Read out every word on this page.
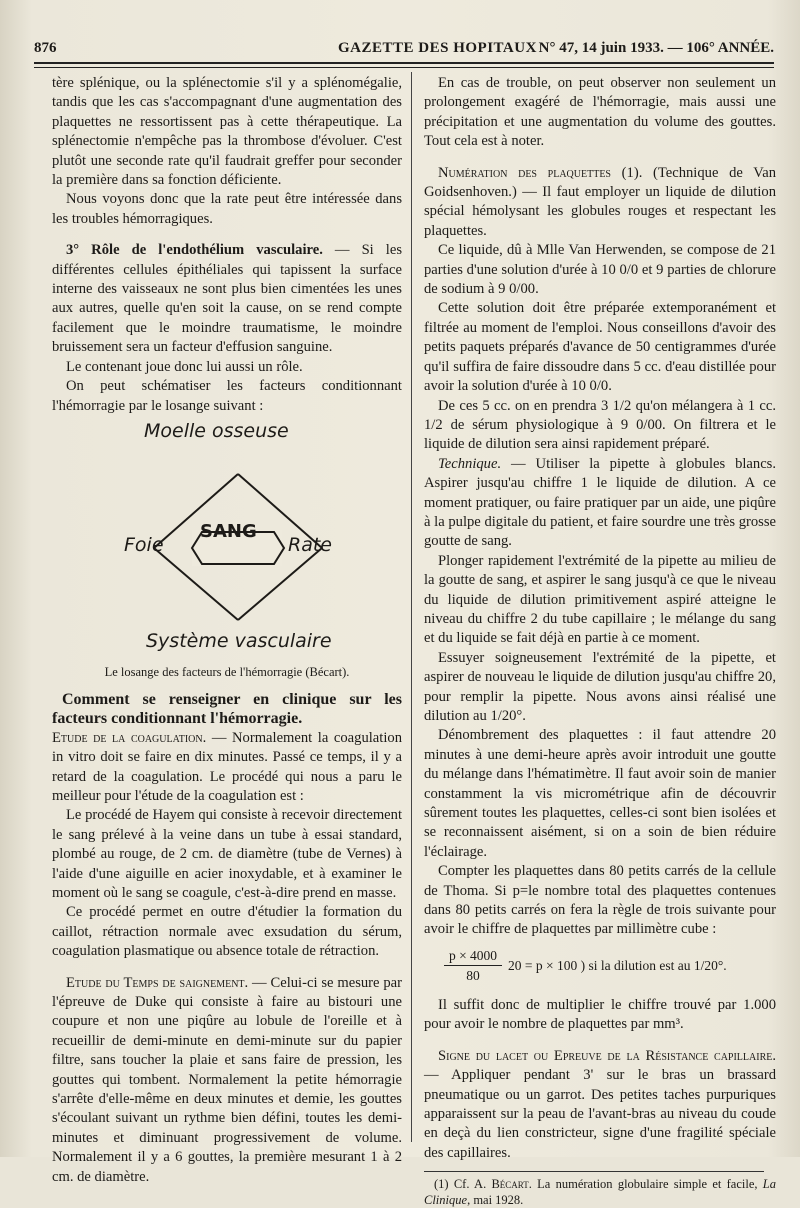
876	GAZETTE DES HOPITAUX N° 47, 14 juin 1933. — 106° ANNÉE.

tère splénique, ou la splénectomie s'il y a splénomégalie, tandis que les cas s'accompagnant d'une augmentation des plaquettes ne ressortissent pas à cette thérapeutique. La splénectomie n'empêche pas la thrombose d'évoluer. C'est plutôt une seconde rate qu'il faudrait greffer pour seconder la première dans sa fonction déficiente.

Nous voyons donc que la rate peut être intéressée dans les troubles hémorragiques.

3° Rôle de l'endothélium vasculaire. — Si les différentes cellules épithéliales qui tapissent la surface interne des vaisseaux ne sont plus bien cimentées les unes aux autres, quelle qu'en soit la cause, on se rend compte facilement que le moindre traumatisme, le moindre bruissement sera un facteur d'effusion sanguine.

Le contenant joue donc lui aussi un rôle.

On peut schématiser les facteurs conditionnant l'hémorragie par le losange suivant :

Moelle osseuse
Foie
SANG
Rate
Système vasculaire

Le losange des facteurs de l'hémorragie (Bécart).

Comment se renseigner en clinique sur les facteurs conditionnant l'hémorragie.

Etude de la coagulation. — Normalement la coagulation in vitro doit se faire en dix minutes. Passé ce temps, il y a retard de la coagulation. Le procédé qui nous a paru le meilleur pour l'étude de la coagulation est :

Le procédé de Hayem qui consiste à recevoir directement le sang prélevé à la veine dans un tube à essai standard, plombé au rouge, de 2 cm. de diamètre (tube de Vernes) à l'aide d'une aiguille en acier inoxydable, et à examiner le moment où le sang se coagule, c'est-à-dire prend en masse.

Ce procédé permet en outre d'étudier la formation du caillot, rétraction normale avec exsudation du sérum, coagulation plasmatique ou absence totale de rétraction.

Etude du Temps de saignement. — Celui-ci se mesure par l'épreuve de Duke qui consiste à faire au bistouri une coupure et non une piqûre au lobule de l'oreille et à recueillir de demi-minute en demi-minute sur du papier filtre, sans toucher la plaie et sans faire de pression, les gouttes qui tombent. Normalement la petite hémorragie s'arrête d'elle-même en deux minutes et demie, les gouttes s'écoulant suivant un rythme bien défini, toutes les demi-minutes et diminuant progressivement de volume. Normalement il y a 6 gouttes, la première mesurant 1 à 2 cm. de diamètre.

En cas de trouble, on peut observer non seulement un prolongement exagéré de l'hémorragie, mais aussi une précipitation et une augmentation du volume des gouttes. Tout cela est à noter.

Numération des plaquettes (1). (Technique de Van Goidsenhoven.) — Il faut employer un liquide de dilution spécial hémolysant les globules rouges et respectant les plaquettes.

Ce liquide, dû à Mlle Van Herwenden, se compose de 21 parties d'une solution d'urée à 10 0/0 et 9 parties de chlorure de sodium à 9 0/00.

Cette solution doit être préparée extemporanément et filtrée au moment de l'emploi. Nous conseillons d'avoir des petits paquets préparés d'avance de 50 centigrammes d'urée qu'il suffira de faire dissoudre dans 5 cc. d'eau distillée pour avoir la solution d'urée à 10 0/0.

De ces 5 cc. on en prendra 3 1/2 qu'on mélangera à 1 cc. 1/2 de sérum physiologique à 9 0/00. On filtrera et le liquide de dilution sera ainsi rapidement préparé.

Technique. — Utiliser la pipette à globules blancs. Aspirer jusqu'au chiffre 1 le liquide de dilution. A ce moment pratiquer, ou faire pratiquer par un aide, une piqûre à la pulpe digitale du patient, et faire sourdre une très grosse goutte de sang.

Plonger rapidement l'extrémité de la pipette au milieu de la goutte de sang, et aspirer le sang jusqu'à ce que le niveau du liquide de dilution primitivement aspiré atteigne le niveau du chiffre 2 du tube capillaire ; le mélange du sang et du liquide se fait déjà en partie à ce moment.

Essuyer soigneusement l'extrémité de la pipette, et aspirer de nouveau le liquide de dilution jusqu'au chiffre 20, pour remplir la pipette. Nous avons ainsi réalisé une dilution au 1/20°.

Dénombrement des plaquettes : il faut attendre 20 minutes à une demi-heure après avoir introduit une goutte du mélange dans l'hématimètre. Il faut avoir soin de manier constamment la vis micrométrique afin de découvrir sûrement toutes les plaquettes, celles-ci sont bien isolées et se reconnaissent aisément, si on a soin de bien réduire l'éclairage.

Compter les plaquettes dans 80 petits carrés de la cellule de Thoma. Si p=le nombre total des plaquettes contenues dans 80 petits carrés on fera la règle de trois suivante pour avoir le chiffre de plaquettes par millimètre cube :

$\frac{p \times 4000}{80} 20 = p \times 100$ ) si la dilution est au 1/20°.

Il suffit donc de multiplier le chiffre trouvé par 1.000 pour avoir le nombre de plaquettes par mm³.

Signe du lacet ou Epreuve de la Résistance capillaire. — Appliquer pendant 3' sur le bras un brassard pneumatique ou un garrot. Des petites taches purpuriques apparaissent sur la peau de l'avant-bras au niveau du coude en deçà du lien constricteur, signe d'une fragilité spéciale des capillaires.

(1) Cf. A. Bécart. La numération globulaire simple et facile, La Clinique, mai 1928.
